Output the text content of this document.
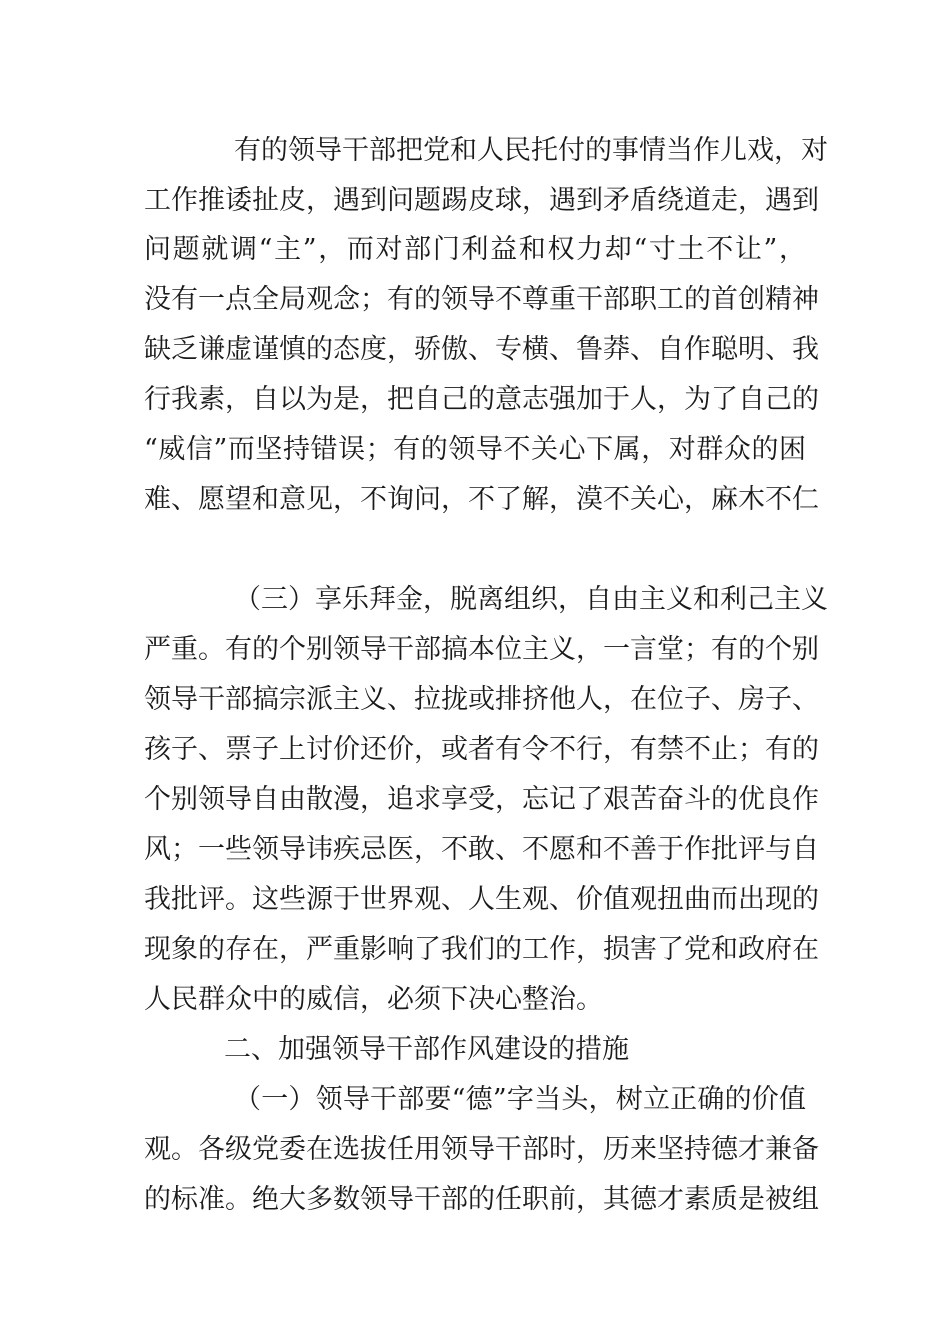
有的领导干部把党和人民托付的事情当作儿戏，对
工作推诿扯皮，遇到问题踢皮球，遇到矛盾绕道走，遇到
问题就调“主”，而对部门利益和权力却“寸土不让”，
没有一点全局观念；有的领导不尊重干部职工的首创精神
缺乏谦虚谨慎的态度，骄傲、专横、鲁莽、自作聪明、我
行我素，自以为是，把自己的意志强加于人，为了自己的
“威信”而坚持错误；有的领导不关心下属，对群众的困
难、愿望和意见，不询问，不了解，漠不关心，麻木不仁
（三）享乐拜金，脱离组织，自由主义和利己主义
严重。有的个别领导干部搞本位主义，一言堂；有的个别
领导干部搞宗派主义、拉拢或排挤他人，在位子、房子、
孩子、票子上讨价还价，或者有令不行，有禁不止；有的
个别领导自由散漫，追求享受，忘记了艰苦奋斗的优良作
风；一些领导讳疾忌医，不敢、不愿和不善于作批评与自
我批评。这些源于世界观、人生观、价值观扭曲而出现的
现象的存在，严重影响了我们的工作，损害了党和政府在
人民群众中的威信，必须下决心整治。
二、加强领导干部作风建设的措施
（一）领导干部要“德”字当头，树立正确的价值
观。各级党委在选拔任用领导干部时，历来坚持德才兼备
的标准。绝大多数领导干部的任职前，其德才素质是被组
